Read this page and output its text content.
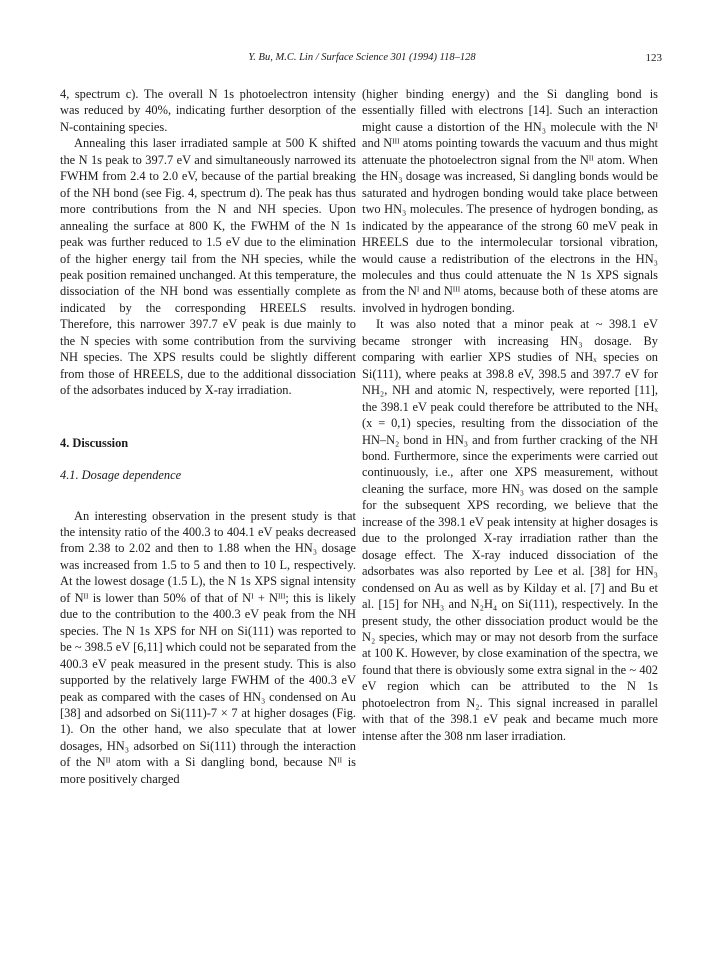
Y. Bu, M.C. Lin / Surface Science 301 (1994) 118–128	123

4, spectrum c). The overall N 1s photoelectron intensity was reduced by 40%, indicating further desorption of the N-containing species.

Annealing this laser irradiated sample at 500 K shifted the N 1s peak to 397.7 eV and simultaneously narrowed its FWHM from 2.4 to 2.0 eV, because of the partial breaking of the NH bond (see Fig. 4, spectrum d). The peak has thus more contributions from the N and NH species. Upon annealing the surface at 800 K, the FWHM of the N 1s peak was further reduced to 1.5 eV due to the elimination of the higher energy tail from the NH species, while the peak position remained unchanged. At this temperature, the dissociation of the NH bond was essentially complete as indicated by the corresponding HREELS results. Therefore, this narrower 397.7 eV peak is due mainly to the N species with some contribution from the surviving NH species. The XPS results could be slightly different from those of HREELS, due to the additional dissociation of the adsorbates induced by X-ray irradiation.

4. Discussion
4.1. Dosage dependence

An interesting observation in the present study is that the intensity ratio of the 400.3 to 404.1 eV peaks decreased from 2.38 to 2.02 and then to 1.88 when the HN₃ dosage was increased from 1.5 to 5 and then to 10 L, respectively. At the lowest dosage (1.5 L), the N 1s XPS signal intensity of Nᴵᴵ is lower than 50% of that of Nᴵ + Nᴵᴵᴵ; this is likely due to the contribution to the 400.3 eV peak from the NH species. The N 1s XPS for NH on Si(111) was reported to be ~ 398.5 eV [6,11] which could not be separated from the 400.3 eV peak measured in the present study. This is also supported by the relatively large FWHM of the 400.3 eV peak as compared with the cases of HN₃ condensed on Au [38] and adsorbed on Si(111)-7 × 7 at higher dosages (Fig. 1). On the other hand, we also speculate that at lower dosages, HN₃ adsorbed on Si(111) through the interaction of the Nᴵᴵ atom with a Si dangling bond, because Nᴵᴵ is more positively charged

(higher binding energy) and the Si dangling bond is essentially filled with electrons [14]. Such an interaction might cause a distortion of the HN₃ molecule with the Nᴵ and Nᴵᴵᴵ atoms pointing towards the vacuum and thus might attenuate the photoelectron signal from the Nᴵᴵ atom. When the HN₃ dosage was increased, Si dangling bonds would be saturated and hydrogen bonding would take place between two HN₃ molecules. The presence of hydrogen bonding, as indicated by the appearance of the strong 60 meV peak in HREELS due to the intermolecular torsional vibration, would cause a redistribution of the electrons in the HN₃ molecules and thus could attenuate the N 1s XPS signals from the Nᴵ and Nᴵᴵᴵ atoms, because both of these atoms are involved in hydrogen bonding.

It was also noted that a minor peak at ~ 398.1 eV became stronger with increasing HN₃ dosage. By comparing with earlier XPS studies of NHₓ species on Si(111), where peaks at 398.8 eV, 398.5 and 397.7 eV for NH₂, NH and atomic N, respectively, were reported [11], the 398.1 eV peak could therefore be attributed to the NHₓ (x = 0,1) species, resulting from the dissociation of the HN–N₂ bond in HN₃ and from further cracking of the NH bond. Furthermore, since the experiments were carried out continuously, i.e., after one XPS measurement, without cleaning the surface, more HN₃ was dosed on the sample for the subsequent XPS recording, we believe that the increase of the 398.1 eV peak intensity at higher dosages is due to the prolonged X-ray irradiation rather than the dosage effect. The X-ray induced dissociation of the adsorbates was also reported by Lee et al. [38] for HN₃ condensed on Au as well as by Kilday et al. [7] and Bu et al. [15] for NH₃ and N₂H₄ on Si(111), respectively. In the present study, the other dissociation product would be the N₂ species, which may or may not desorb from the surface at 100 K. However, by close examination of the spectra, we found that there is obviously some extra signal in the ~ 402 eV region which can be attributed to the N 1s photoelectron from N₂. This signal increased in parallel with that of the 398.1 eV peak and became much more intense after the 308 nm laser irradiation.
